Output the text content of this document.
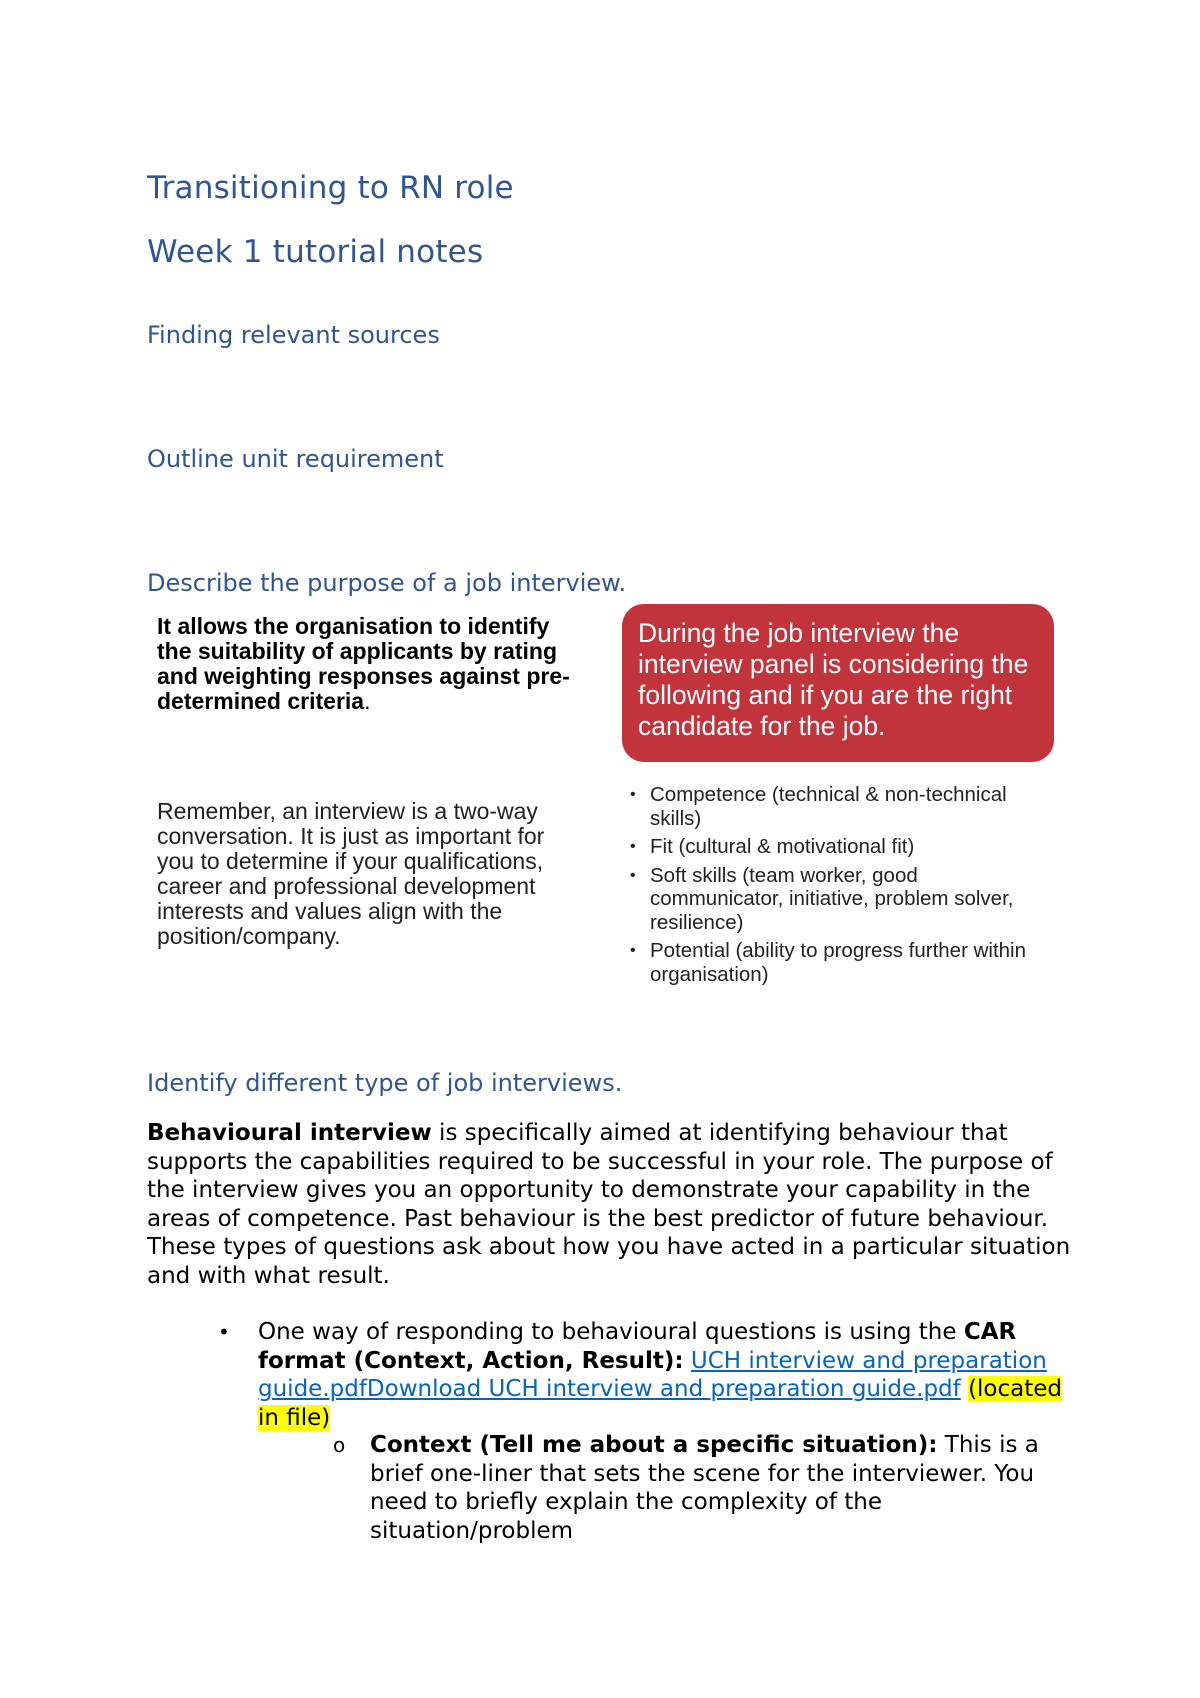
Transitioning to RN role
Week 1 tutorial notes
Finding relevant sources
Outline unit requirement
Describe the purpose of a job interview.

It allows the organisation to identify the suitability of applicants by rating and weighting responses against pre-determined criteria.

Remember, an interview is a two-way conversation. It is just as important for you to determine if your qualifications, career and professional development interests and values align with the position/company.

During the job interview the interview panel is considering the following and if you are the right candidate for the job.
• Competence (technical & non-technical skills)
• Fit (cultural & motivational fit)
• Soft skills (team worker, good communicator, initiative, problem solver, resilience)
• Potential (ability to progress further within organisation)
Identify different type of job interviews.

Behavioural interview is specifically aimed at identifying behaviour that supports the capabilities required to be successful in your role. The purpose of the interview gives you an opportunity to demonstrate your capability in the areas of competence. Past behaviour is the best predictor of future behaviour. These types of questions ask about how you have acted in a particular situation and with what result.

• One way of responding to behavioural questions is using the CAR format (Context, Action, Result): UCH interview and preparation guide.pdfDownload UCH interview and preparation guide.pdf (located in file)

o Context (Tell me about a specific situation): This is a brief one-liner that sets the scene for the interviewer. You need to briefly explain the complexity of the situation/problem
